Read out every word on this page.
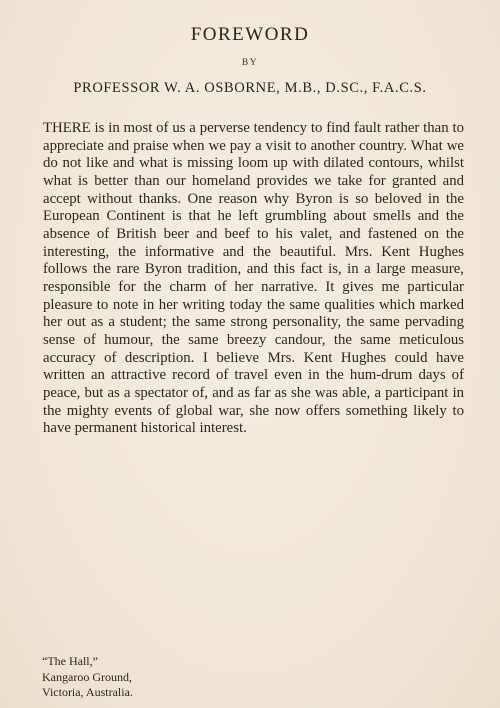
FOREWORD
BY
PROFESSOR W. A. OSBORNE, M.B., D.SC., F.A.C.S.

THERE is in most of us a perverse tendency to find fault rather than to appreciate and praise when we pay a visit to another country. What we do not like and what is missing loom up with dilated contours, whilst what is better than our homeland provides we take for granted and accept without thanks. One reason why Byron is so beloved in the European Continent is that he left grumbling about smells and the absence of British beer and beef to his valet, and fastened on the interesting, the informative and the beautiful. Mrs. Kent Hughes follows the rare Byron tradition, and this fact is, in a large measure, responsible for the charm of her narrative. It gives me particular pleasure to note in her writing today the same qualities which marked her out as a student; the same strong personality, the same pervading sense of humour, the same breezy candour, the same meticulous accuracy of description. I believe Mrs. Kent Hughes could have written an attractive record of travel even in the hum-drum days of peace, but as a spectator of, and as far as she was able, a participant in the mighty events of global war, she now offers something likely to have permanent historical interest.

“The Hall,”
Kangaroo Ground,
Victoria, Australia.
